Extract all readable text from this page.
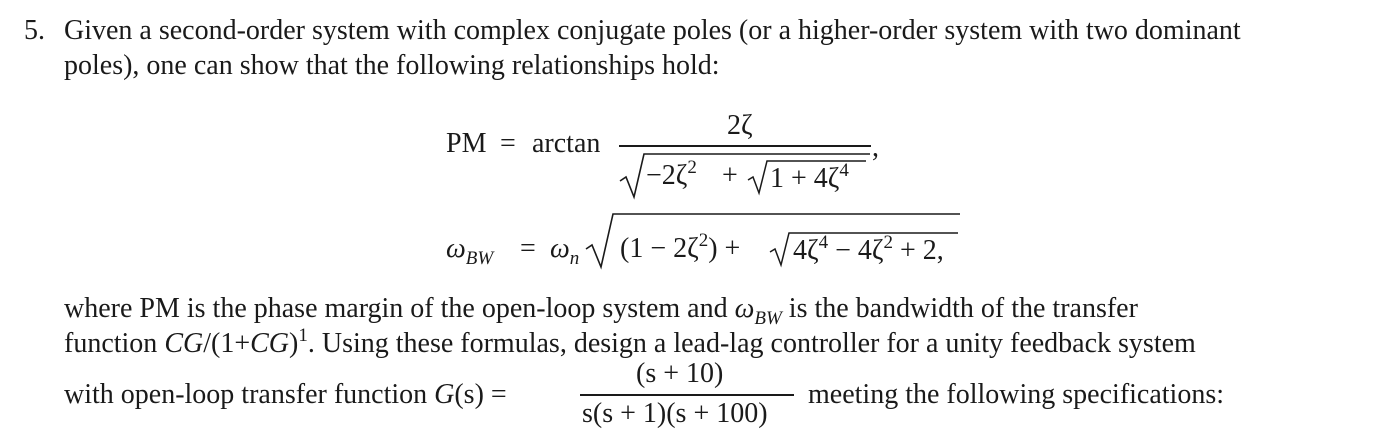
5. Given a second-order system with complex conjugate poles (or a higher-order system with two dominant
poles), one can show that the following relationships hold:
PM = arctan
2ζ
,
$-2\zeta^2 + 1 + 4\zeta^4$
$\omega_{BW} = \omega_n$ $(1 - 2\zeta^2) + 4\zeta^4 - 4\zeta^2 + 2$,
where PM is the phase margin of the open-loop system and $\omega_{BW}$ is the bandwidth of the transfer
function $CG/(1+CG)^1$. Using these formulas, design a lead-lag controller for a unity feedback system
with open-loop transfer function G(s) =
(s + 10)
s(s + 1)(s + 100)
meeting the following specifications:
